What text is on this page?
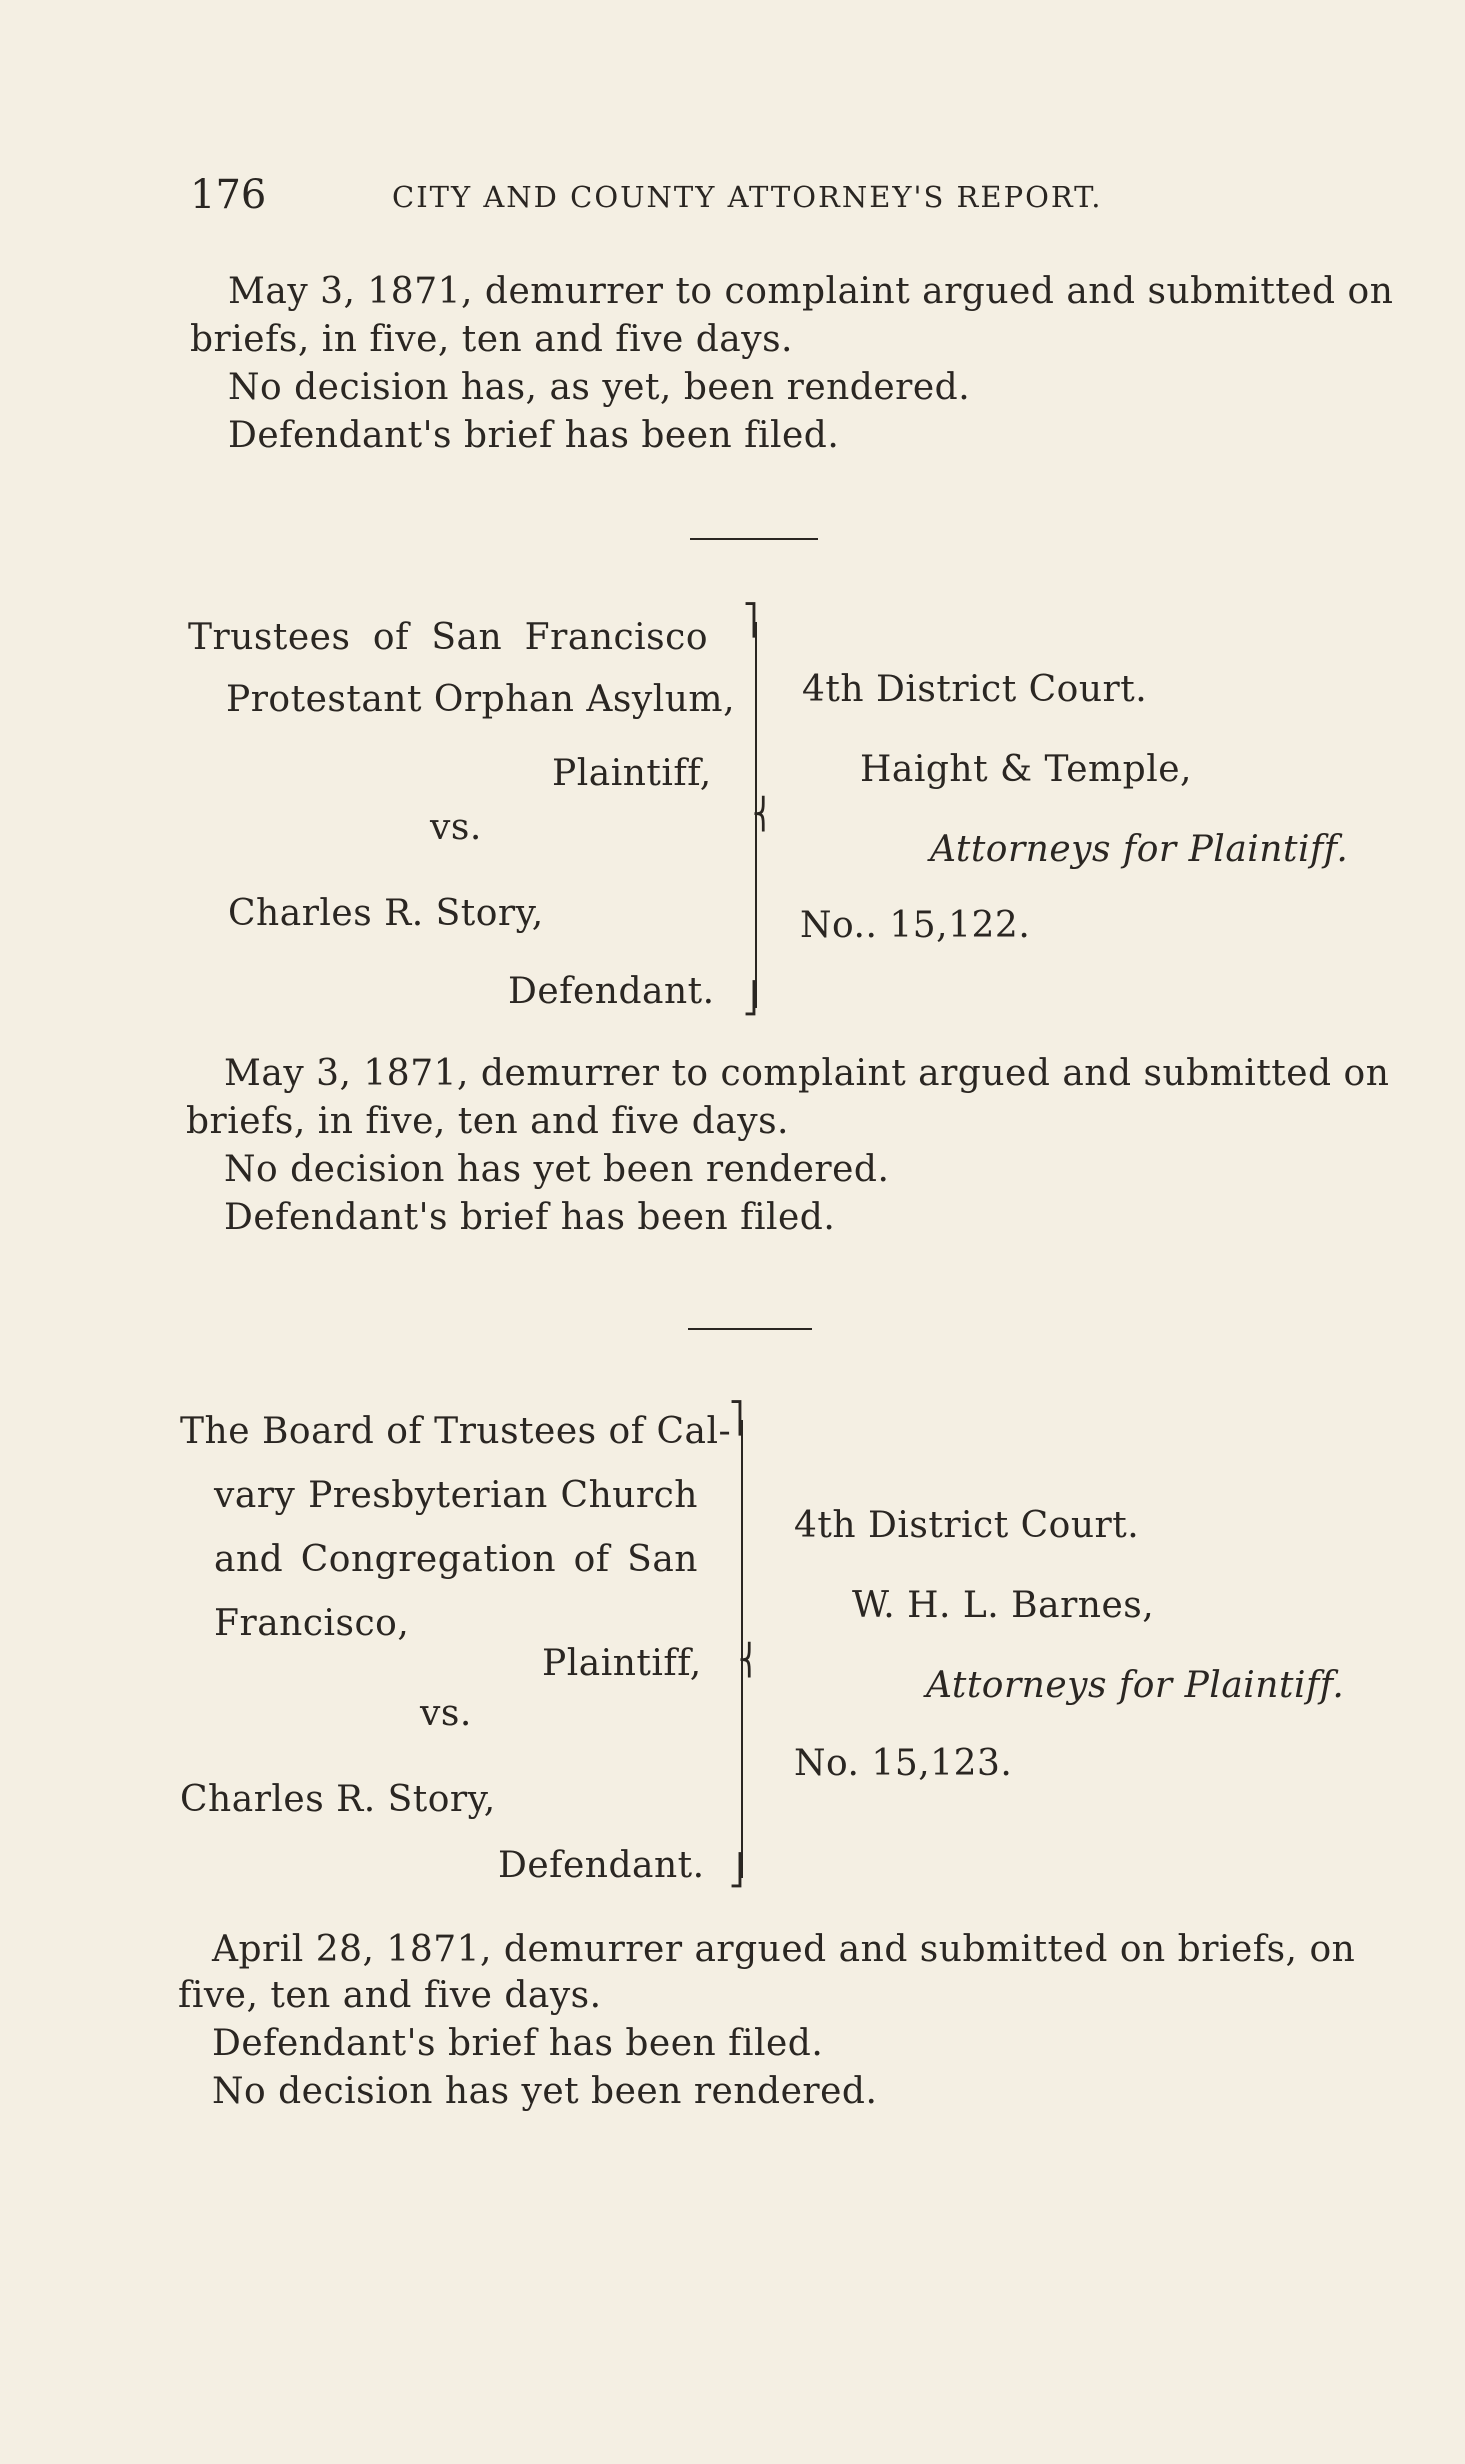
176	CITY AND COUNTY ATTORNEY'S REPORT.
May 3, 1871, demurrer to complaint argued and submitted on
briefs, in five, ten and five days.
No decision has, as yet, been rendered.
Defendant's brief has been filed.
Trustees of San Francisco
Protestant Orphan Asylum,
Plaintiff,
vs.
Charles R. Story,
Defendant.
⎤
⎨
⎦
4th District Court.
Haight & Temple,
Attorneys for Plaintiff.
No.. 15,122.
May 3, 1871, demurrer to complaint argued and submitted on
briefs, in five, ten and five days.
No decision has yet been rendered.
Defendant's brief has been filed.
The Board of Trustees of Cal-
vary Presbyterian Church
and Congregation of San
Francisco,
Plaintiff,
vs.
Charles R. Story,
Defendant.
⎤
⎨
⎦
4th District Court.
W. H. L. Barnes,
Attorneys for Plaintiff.
No. 15,123.
April 28, 1871, demurrer argued and submitted on briefs, on
five, ten and five days.
Defendant's brief has been filed.
No decision has yet been rendered.
